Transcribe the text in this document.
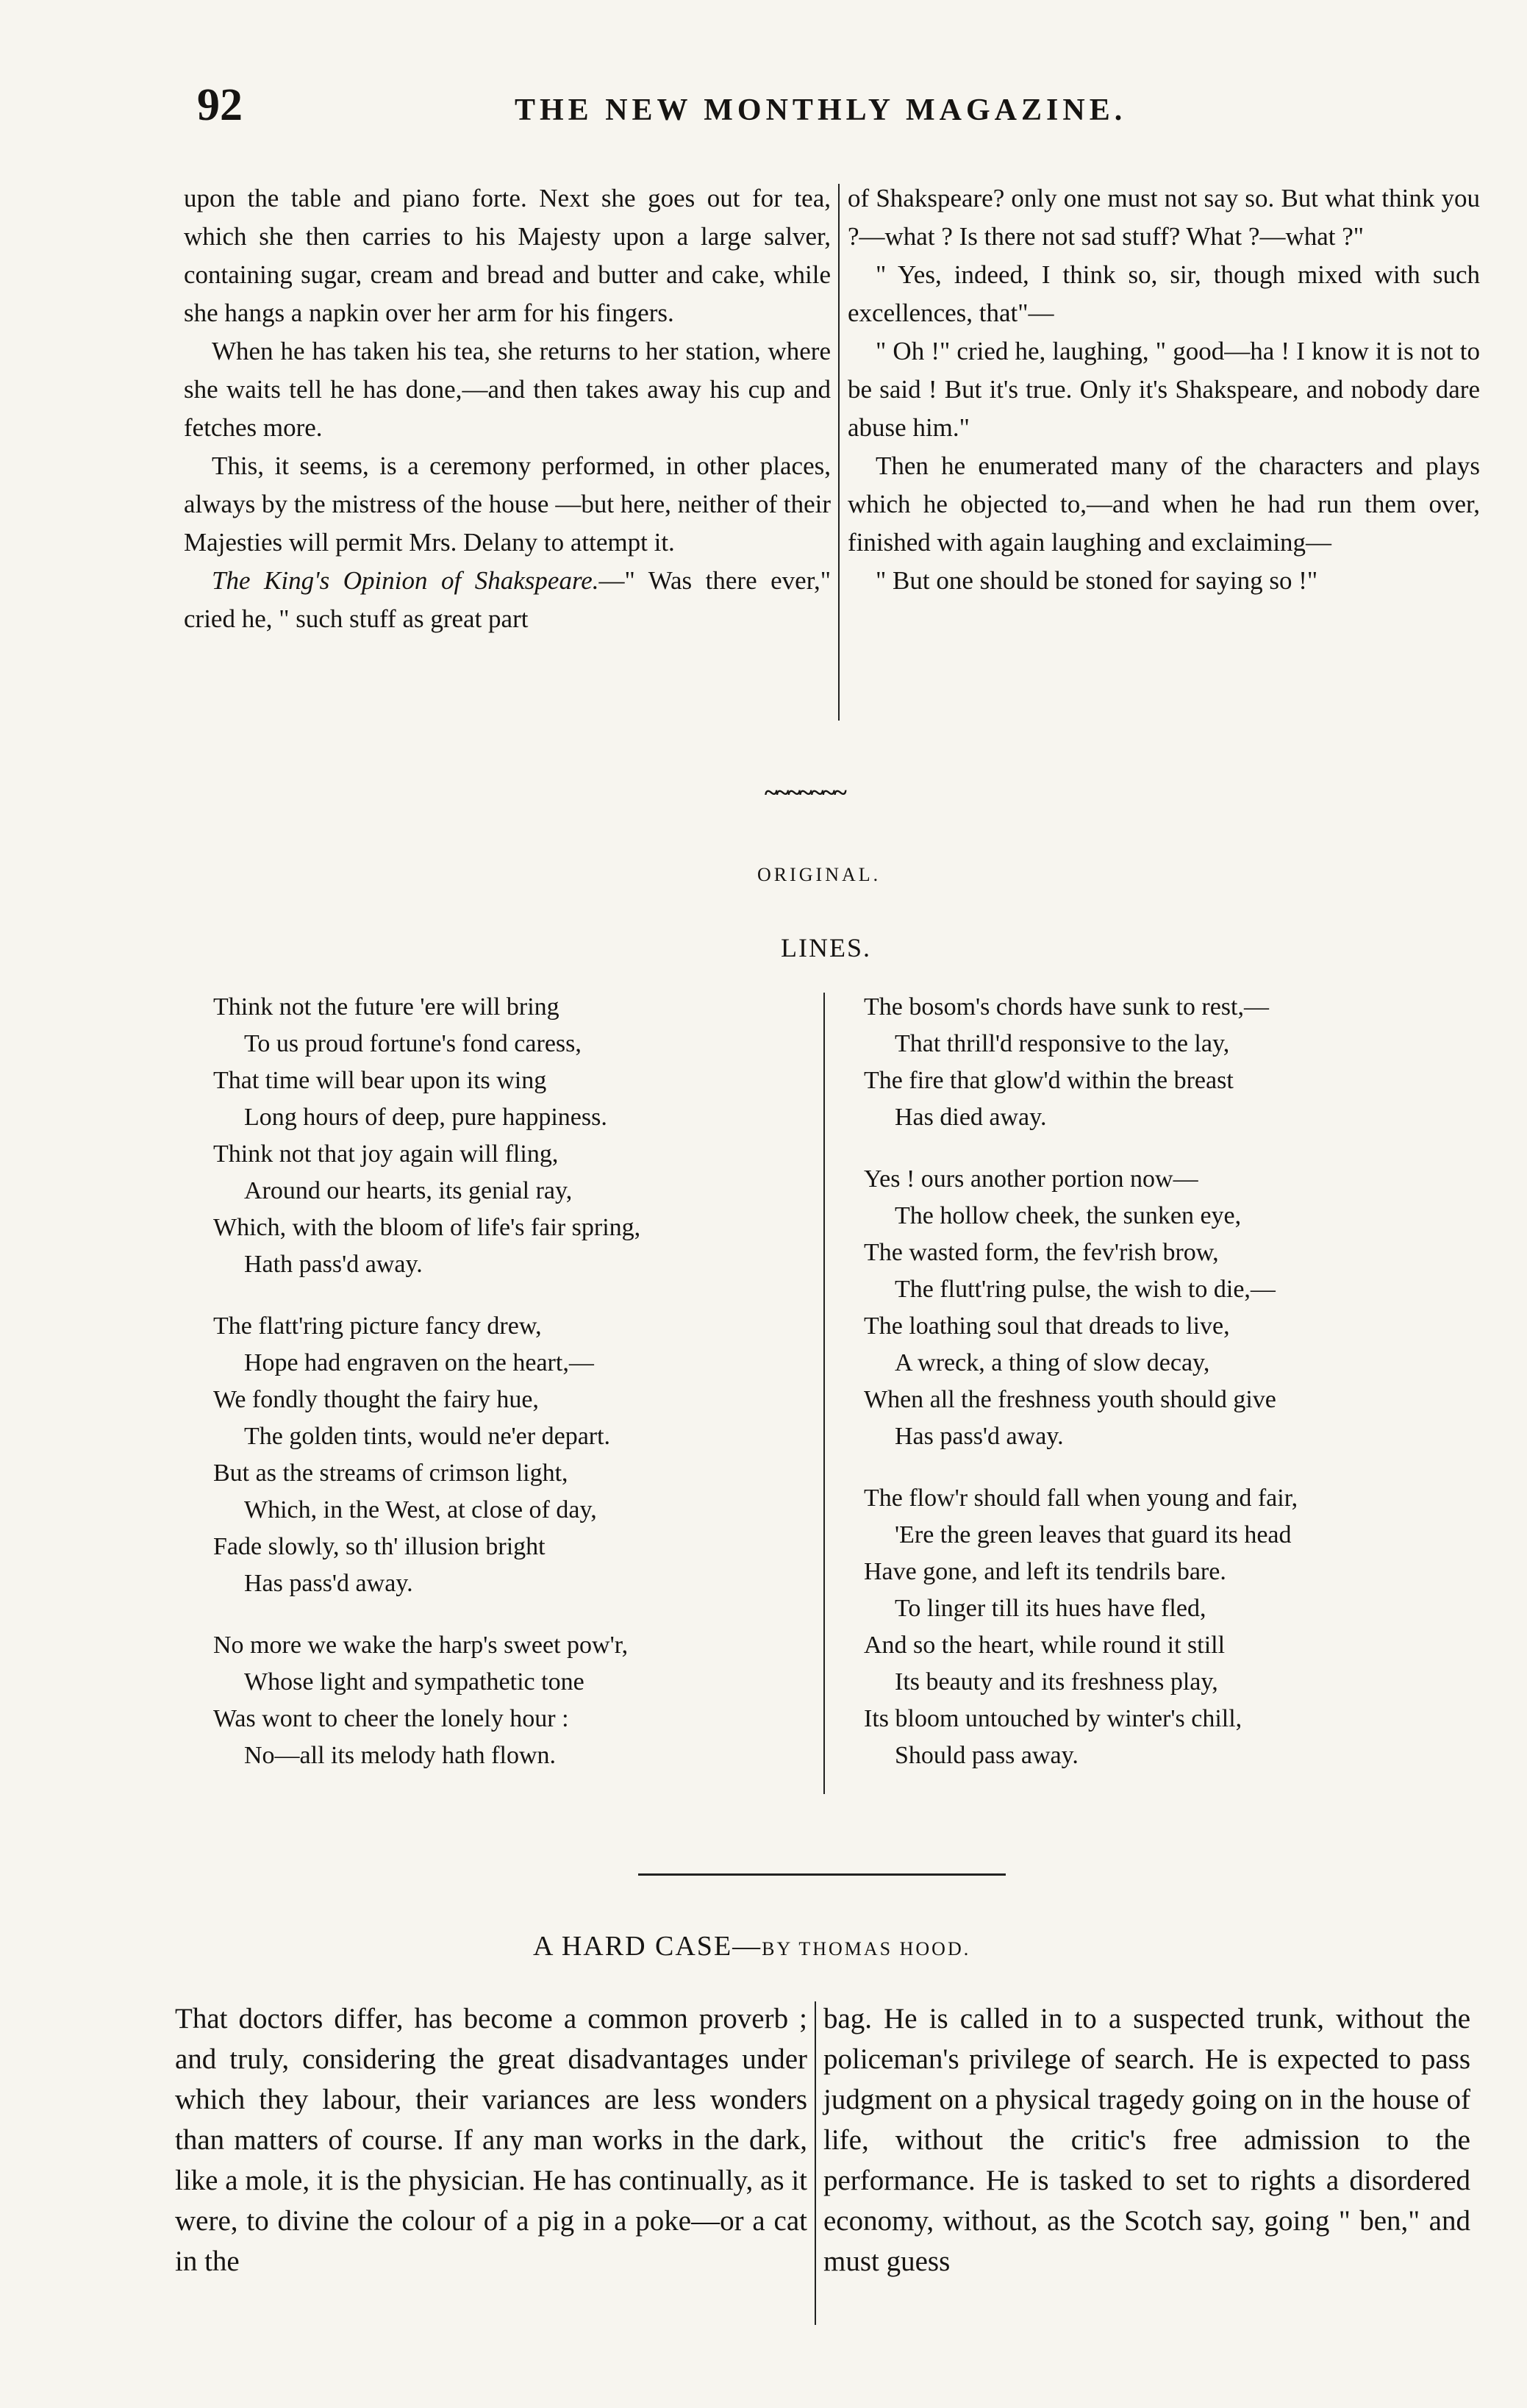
92	THE NEW MONTHLY MAGAZINE.

upon the table and piano forte. Next she goes out for tea, which she then carries to his Majesty upon a large salver, containing sugar, cream and bread and butter and cake, while she hangs a napkin over her arm for his fingers.

When he has taken his tea, she returns to her station, where she waits tell he has done,—and then takes away his cup and fetches more.

This, it seems, is a ceremony performed, in other places, always by the mistress of the house —but here, neither of their Majesties will permit Mrs. Delany to attempt it.

The King's Opinion of Shakspeare.—" Was there ever," cried he, " such stuff as great part

of Shakspeare? only one must not say so. But what think you ?—what ? Is there not sad stuff? What ?—what ?"

" Yes, indeed, I think so, sir, though mixed with such excellences, that"—

" Oh !" cried he, laughing, " good—ha ! I know it is not to be said ! But it's true. Only it's Shakspeare, and nobody dare abuse him."

Then he enumerated many of the characters and plays which he objected to,—and when he had run them over, finished with again laughing and exclaiming—

" But one should be stoned for saying so !"

~~~~~~~
ORIGINAL.
LINES.
Think not the future 'ere will bring
To us proud fortune's fond caress,
That time will bear upon its wing
Long hours of deep, pure happiness.
Think not that joy again will fling,
Around our hearts, its genial ray,
Which, with the bloom of life's fair spring,
Hath pass'd away.
The flatt'ring picture fancy drew,
Hope had engraven on the heart,—
We fondly thought the fairy hue,
The golden tints, would ne'er depart.
But as the streams of crimson light,
Which, in the West, at close of day,
Fade slowly, so th' illusion bright
Has pass'd away.
No more we wake the harp's sweet pow'r,
Whose light and sympathetic tone
Was wont to cheer the lonely hour :
No—all its melody hath flown.
The bosom's chords have sunk to rest,—
That thrill'd responsive to the lay,
The fire that glow'd within the breast
Has died away.
Yes ! ours another portion now—
The hollow cheek, the sunken eye,
The wasted form, the fev'rish brow,
The flutt'ring pulse, the wish to die,—
The loathing soul that dreads to live,
A wreck, a thing of slow decay,
When all the freshness youth should give
Has pass'd away.
The flow'r should fall when young and fair,
'Ere the green leaves that guard its head
Have gone, and left its tendrils bare.
To linger till its hues have fled,
And so the heart, while round it still
Its beauty and its freshness play,
Its bloom untouched by winter's chill,
Should pass away.
A HARD CASE—BY THOMAS HOOD.

That doctors differ, has become a common proverb ; and truly, considering the great disadvantages under which they labour, their variances are less wonders than matters of course. If any man works in the dark, like a mole, it is the physician. He has continually, as it were, to divine the colour of a pig in a poke—or a cat in the

bag. He is called in to a suspected trunk, without the policeman's privilege of search. He is expected to pass judgment on a physical tragedy going on in the house of life, without the critic's free admission to the performance. He is tasked to set to rights a disordered economy, without, as the Scotch say, going " ben," and must guess
